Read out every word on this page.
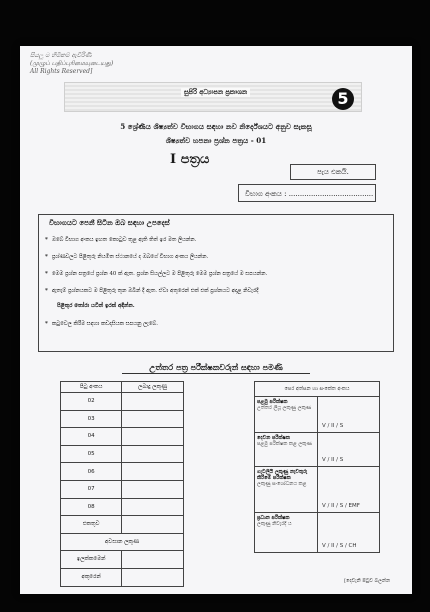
සියලු ම හිමිකම් ඇවිරිණි
(முழுப் பதிப்புரிமையுடையது)
All Rights Reserved]
සුපිරි අධ්‍යාපන ප්‍රකාශන	5
5 ශ්‍රේණිය ශිෂ්‍යත්ව විභාගය සඳහා නව නිර්දේශයට අනුව සැකසූ
ශිෂ්‍යත්ව හපනා ප්‍රශ්න පත්‍රය - 01
I පත්‍රය
පැය එකයි.
විභාග අංකය : ......................................
විභාගයට පෙනී සිටින ඔබ සඳහා උපදෙස්
* ඔබේ විභාග අංකය ඉහත කොටුව තුළ ඇති තිත් ඉර මත ලියන්න.
* ප්‍රශ්ණවලට පිළිතුරු නියමිත ස්ථානයේ ද ඔබගේ විභාග අංකය ලියන්න.
* මෙම ප්‍රශ්න පත්‍රයේ ප්‍රශ්න 40 ක් ඇත. ප්‍රශ්න සියල්ලට ම පිළිතුරු මෙම ප්‍රශ්න පත්‍රයේ ම සපයන්න.
* ඇතැම් ප්‍රශ්නයකට ම පිළිතුරු තුන ඔබින් දී ඇත. ඒවා අතුරෙන් එක් එක් ප්‍රශ්නයට අදාළ නිවැරදි
පිළිතුර තෝරා යටින් ඉරක් අඳින්න.
* කටුවෙල කිරීම සඳහා කඩදාසියක සපයනු ලැබේ.
උත්තර පත්‍ර පරීක්ෂකවරුන් සඳහා පමණි
පිටු අංකය	ලබාදු ලකුණු
02	
03	
04	
05	
06	
07	
08	
එකතුව	
අවසාන ලකුණ	
ඉලක්කමෙන්	
අකුරෙන්	
පෙර අත්සන හා සංකේත අංකය	

පළමු පරීක්ෂක
උත්තර ලියූ ලකුණු ලකුණ	V / II / S

දෙවන පරීක්ෂක
පළමු පරීක්ෂක කළ ලකුණ	V / II / S

ගැටලියී ලකුණු නැවතුරු කිරීමේ පරීක්ෂක
ලකුණු සංශෝධනය කළ	V / II / S / EMF

ප්‍රධාන පරීක්ෂක
ලකුණු නිවැරදි ය	V / II / S / CH
[දෙවැනි පිටුව බලන්න
